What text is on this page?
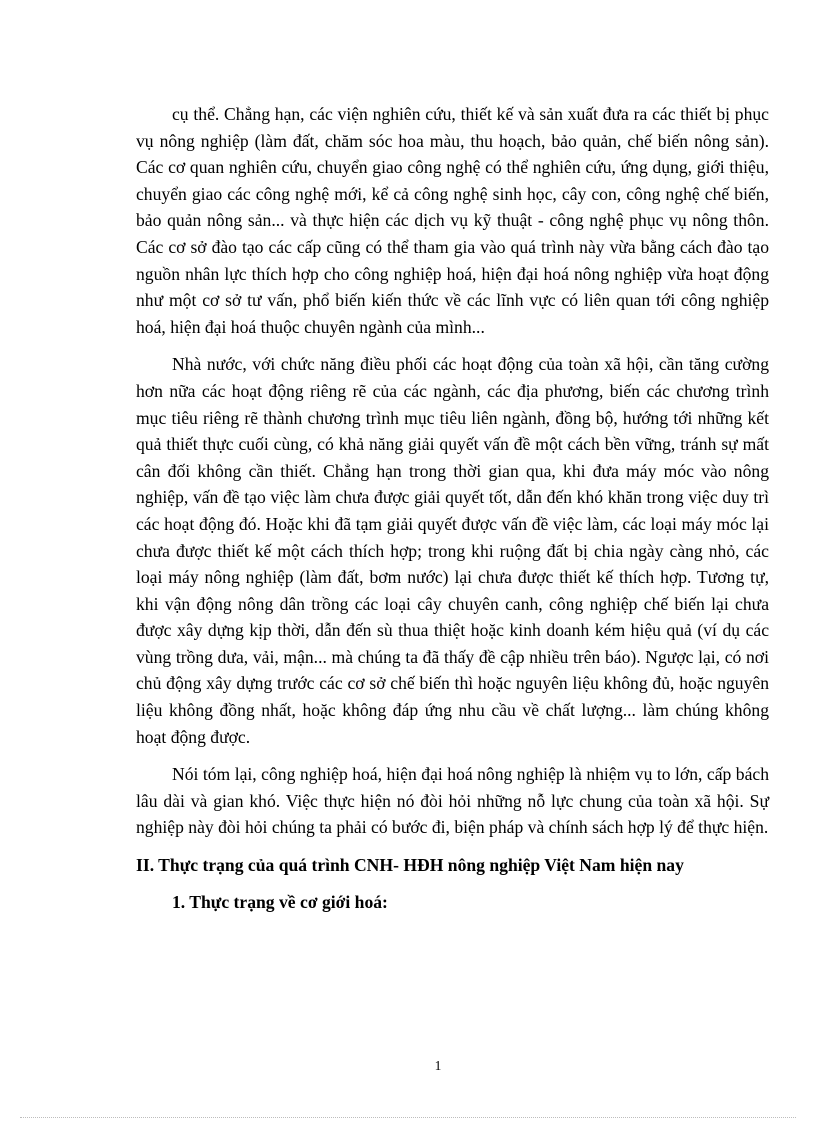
cụ thể. Chẳng hạn, các viện nghiên cứu, thiết kế và sản xuất đưa ra các thiết bị phục vụ nông nghiệp (làm đất, chăm sóc hoa màu, thu hoạch, bảo quản, chế biến nông sản). Các cơ quan nghiên cứu, chuyển giao công nghệ có thể nghiên cứu, ứng dụng, giới thiệu, chuyển giao các công nghệ mới, kể cả công nghệ sinh học, cây con, công nghệ chế biến, bảo quản nông sản... và thực hiện các dịch vụ kỹ thuật - công nghệ phục vụ nông thôn. Các cơ sở đào tạo các cấp cũng có thể tham gia vào quá trình này vừa bằng cách đào tạo nguồn nhân lực thích hợp cho công nghiệp hoá, hiện đại hoá nông nghiệp vừa hoạt động như một cơ sở tư vấn, phổ biến kiến thức về các lĩnh vực có liên quan tới công nghiệp hoá, hiện đại hoá thuộc chuyên ngành của mình...

Nhà nước, với chức năng điều phối các hoạt động của toàn xã hội, cần tăng cường hơn nữa các hoạt động riêng rẽ của các ngành, các địa phương, biến các chương trình mục tiêu riêng rẽ thành chương trình mục tiêu liên ngành, đồng bộ, hướng tới những kết quả thiết thực cuối cùng, có khả năng giải quyết vấn đề một cách bền vững, tránh sự mất cân đối không cần thiết. Chẳng hạn trong thời gian qua, khi đưa máy móc vào nông nghiệp, vấn đề tạo việc làm chưa được giải quyết tốt, dẫn đến khó khăn trong việc duy trì các hoạt động đó. Hoặc khi đã tạm giải quyết được vấn đề việc làm, các loại máy móc lại chưa được thiết kế một cách thích hợp; trong khi ruộng đất bị chia ngày càng nhỏ, các loại máy nông nghiệp (làm đất, bơm nước) lại chưa được thiết kế thích hợp. Tương tự, khi vận động nông dân trồng các loại cây chuyên canh, công nghiệp chế biến lại chưa được xây dựng kịp thời, dẫn đến sù thua thiệt hoặc kinh doanh kém hiệu quả (ví dụ các vùng trồng dưa, vải, mận... mà chúng ta đã thấy đề cập nhiều trên báo). Ngược lại, có nơi chủ động xây dựng trước các cơ sở chế biến thì hoặc nguyên liệu không đủ, hoặc nguyên liệu không đồng nhất, hoặc không đáp ứng nhu cầu về chất lượng... làm chúng không hoạt động được.

Nói tóm lại, công nghiệp hoá, hiện đại hoá nông nghiệp là nhiệm vụ to lớn, cấp bách lâu dài và gian khó. Việc thực hiện nó đòi hỏi những nỗ lực chung của toàn xã hội. Sự nghiệp này đòi hỏi chúng ta phải có bước đi, biện pháp và chính sách hợp lý để thực hiện.

II. Thực trạng của quá trình CNH- HĐH nông nghiệp Việt Nam hiện nay
1. Thực trạng về cơ giới hoá:
1
